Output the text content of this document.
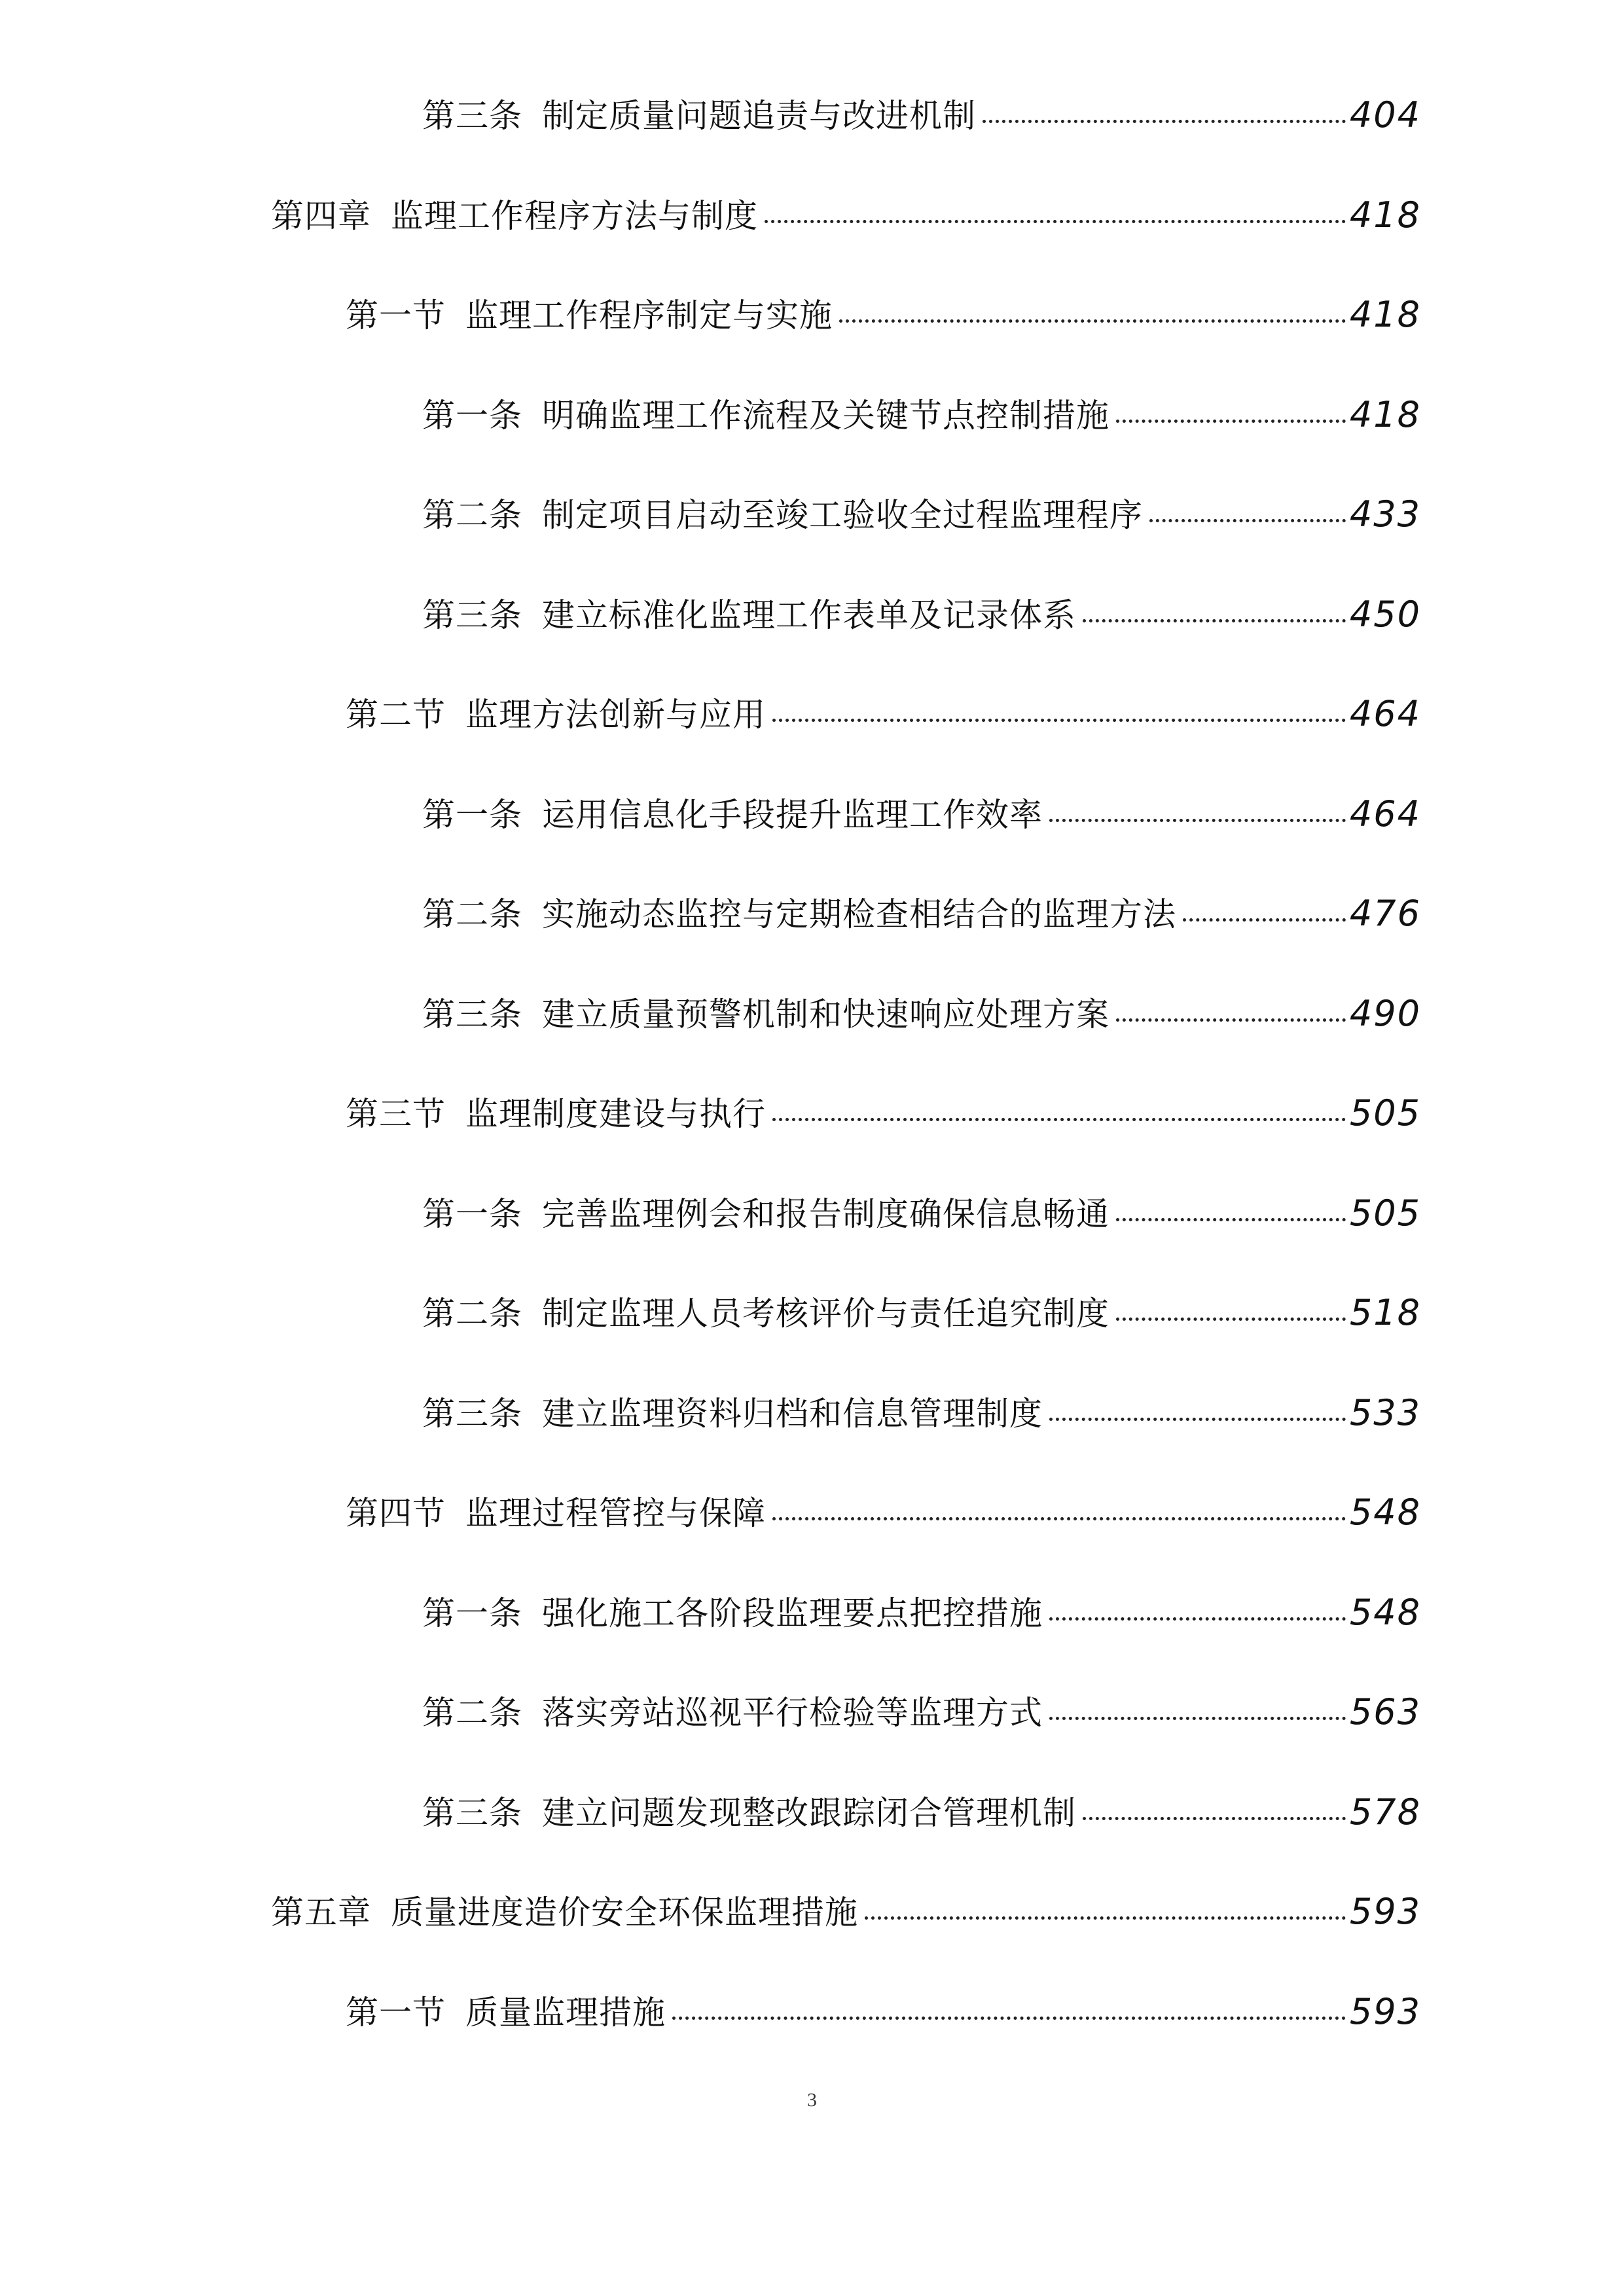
第三条 制定质量问题追责与改进机制	404
第四章 监理工作程序方法与制度	418
第一节 监理工作程序制定与实施	418
第一条 明确监理工作流程及关键节点控制措施	418
第二条 制定项目启动至竣工验收全过程监理程序	433
第三条 建立标准化监理工作表单及记录体系	450
第二节 监理方法创新与应用	464
第一条 运用信息化手段提升监理工作效率	464
第二条 实施动态监控与定期检查相结合的监理方法	476
第三条 建立质量预警机制和快速响应处理方案	490
第三节 监理制度建设与执行	505
第一条 完善监理例会和报告制度确保信息畅通	505
第二条 制定监理人员考核评价与责任追究制度	518
第三条 建立监理资料归档和信息管理制度	533
第四节 监理过程管控与保障	548
第一条 强化施工各阶段监理要点把控措施	548
第二条 落实旁站巡视平行检验等监理方式	563
第三条 建立问题发现整改跟踪闭合管理机制	578
第五章 质量进度造价安全环保监理措施	593
第一节 质量监理措施	593
3
